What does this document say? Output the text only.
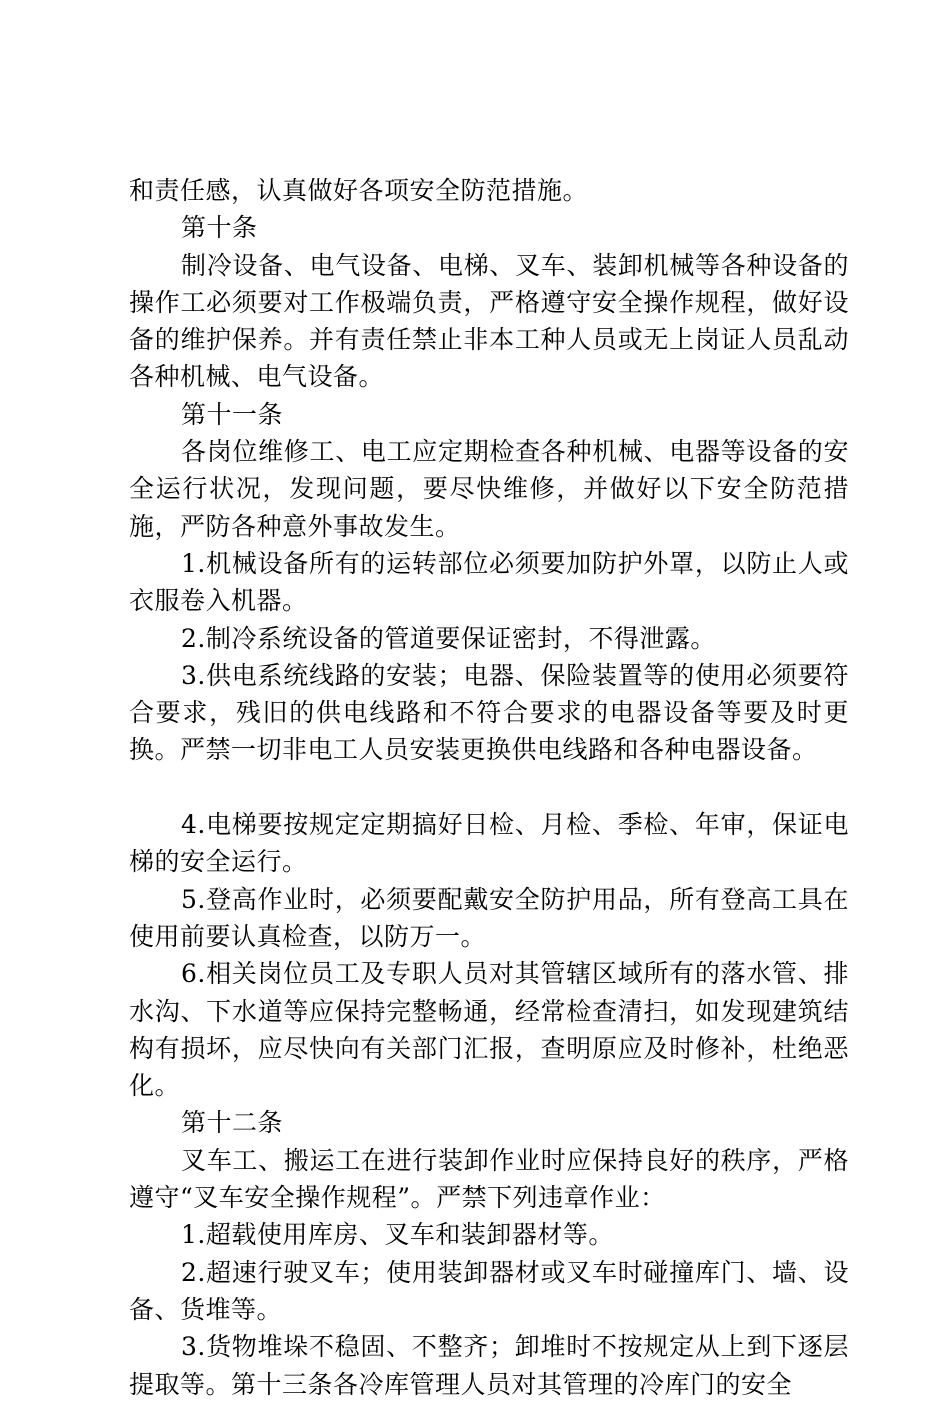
和责任感，认真做好各项安全防范措施。

第十条

制冷设备、电气设备、电梯、叉车、装卸机械等各种设备的操作工必须要对工作极端负责，严格遵守安全操作规程，做好设备的维护保养。并有责任禁止非本工种人员或无上岗证人员乱动各种机械、电气设备。

第十一条

各岗位维修工、电工应定期检查各种机械、电器等设备的安全运行状况，发现问题，要尽快维修，并做好以下安全防范措施，严防各种意外事故发生。

1.机械设备所有的运转部位必须要加防护外罩，以防止人或衣服卷入机器。

2.制冷系统设备的管道要保证密封，不得泄露。

3.供电系统线路的安装；电器、保险装置等的使用必须要符合要求，残旧的供电线路和不符合要求的电器设备等要及时更换。严禁一切非电工人员安装更换供电线路和各种电器设备。

4.电梯要按规定定期搞好日检、月检、季检、年审，保证电梯的安全运行。

5.登高作业时，必须要配戴安全防护用品，所有登高工具在使用前要认真检查，以防万一。

6.相关岗位员工及专职人员对其管辖区域所有的落水管、排水沟、下水道等应保持完整畅通，经常检查清扫，如发现建筑结构有损坏，应尽快向有关部门汇报，查明原应及时修补，杜绝恶化。

第十二条

叉车工、搬运工在进行装卸作业时应保持良好的秩序，严格遵守“叉车安全操作规程”。严禁下列违章作业：

1.超载使用库房、叉车和装卸器材等。

2.超速行驶叉车；使用装卸器材或叉车时碰撞库门、墙、设备、货堆等。

3.货物堆垛不稳固、不整齐；卸堆时不按规定从上到下逐层提取等。第十三条各冷库管理人员对其管理的冷库门的安全
